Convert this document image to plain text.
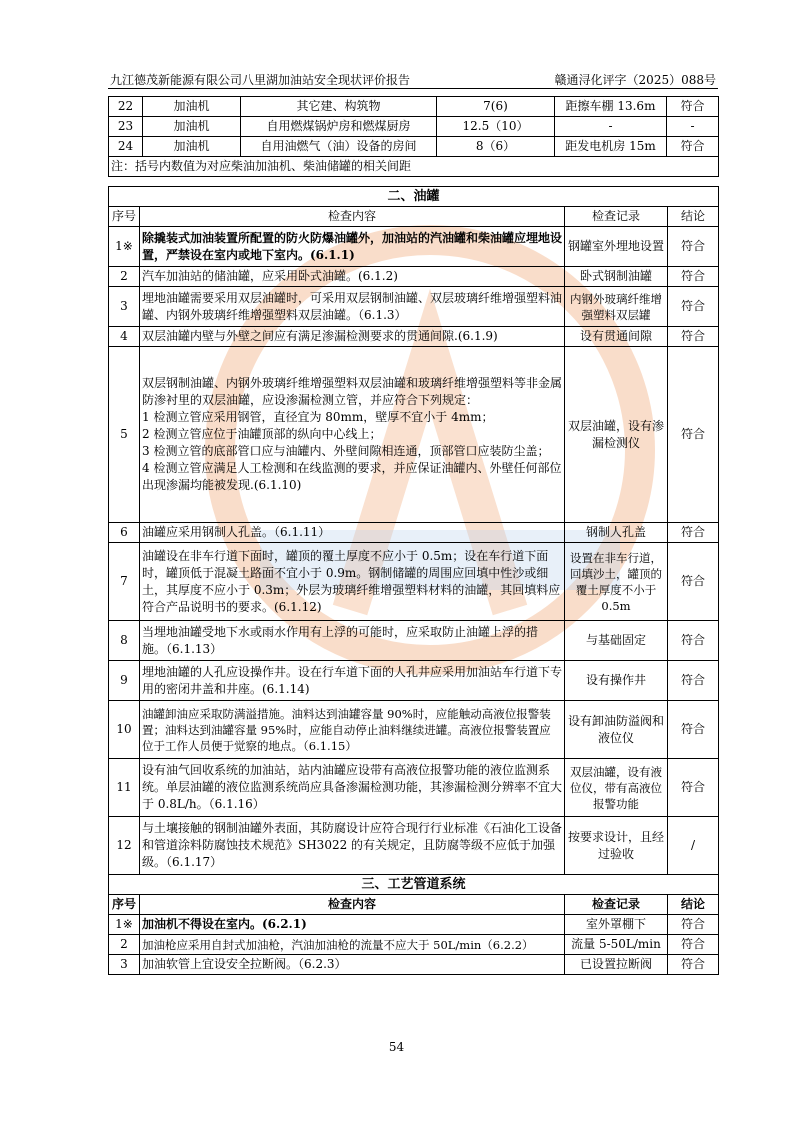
九江德茂新能源有限公司八里湖加油站安全现状评价报告	赣通浔化评字（2025）088号
22	加油机	其它建、构筑物	7(6)	距擦车棚 13.6m	符合
23	加油机	自用燃煤锅炉房和燃煤厨房	12.5（10）	-	-
24	加油机	自用油燃气（油）设备的房间	8（6）	距发电机房 15m	符合
注：括号内数值为对应柴油加油机、柴油储罐的相关间距					
二、油罐			
序号	检查内容	检查记录	结论
1※	除撬装式加油装置所配置的防火防爆油罐外，加油站的汽油罐和柴油罐应埋地设置，严禁设在室内或地下室内。(6.1.1)	钢罐室外埋地设置	符合
2	汽车加油站的储油罐，应采用卧式油罐。(6.1.2)	卧式钢制油罐	符合
3	埋地油罐需要采用双层油罐时，可采用双层钢制油罐、双层玻璃纤维增强塑料油罐、内钢外玻璃纤维增强塑料双层油罐。（6.1.3）	内钢外玻璃纤维增强塑料双层罐	符合
4	双层油罐内壁与外壁之间应有满足渗漏检测要求的贯通间隙.(6.1.9)	设有贯通间隙	符合
5	双层钢制油罐、内钢外玻璃纤维增强塑料双层油罐和玻璃纤维增强塑料等非金属防渗衬里的双层油罐，应设渗漏检测立管，并应符合下列规定：
1 检测立管应采用钢管，直径宜为 80mm，壁厚不宜小于 4mm；
2 检测立管应位于油罐顶部的纵向中心线上；
3 检测立管的底部管口应与油罐内、外壁间隙相连通，顶部管口应装防尘盖；
4 检测立管应满足人工检测和在线监测的要求，并应保证油罐内、外壁任何部位出现渗漏均能被发现.(6.1.10)	双层油罐，设有渗漏检测仪	符合
6	油罐应采用钢制人孔盖。（6.1.11）	钢制人孔盖	符合
7	油罐设在非车行道下面时，罐顶的覆土厚度不应小于 0.5m；设在车行道下面时，罐顶低于混凝土路面不宜小于 0.9m。钢制储罐的周围应回填中性沙或细土，其厚度不应小于 0.3m；外层为玻璃纤维增强塑料材料的油罐，其回填料应符合产品说明书的要求。(6.1.12)	设置在非车行道，回填沙土，罐顶的覆土厚度不小于 0.5m	符合
8	当埋地油罐受地下水或雨水作用有上浮的可能时，应采取防止油罐上浮的措施。（6.1.13）	与基础固定	符合
9	埋地油罐的人孔应设操作井。设在行车道下面的人孔井应采用加油站车行道下专用的密闭井盖和井座。(6.1.14)	设有操作井	符合
10	油罐卸油应采取防满溢措施。油料达到油罐容量 90%时，应能触动高液位报警装置；油料达到油罐容量 95%时，应能自动停止油料继续进罐。高液位报警装置应位于工作人员便于觉察的地点。（6.1.15）	设有卸油防溢阀和液位仪	符合
11	设有油气回收系统的加油站，站内油罐应设带有高液位报警功能的液位监测系统。单层油罐的液位监测系统尚应具备渗漏检测功能，其渗漏检测分辨率不宜大于 0.8L/h。（6.1.16）	双层油罐，设有液位仪，带有高液位报警功能	符合
12	与土壤接触的钢制油罐外表面，其防腐设计应符合现行行业标准《石油化工设备和管道涂料防腐蚀技术规范》SH3022 的有关规定，且防腐等级不应低于加强级。（6.1.17）	按要求设计，且经过验收	/
三、工艺管道系统			
序号	检查内容	检查记录	结论
1※	加油机不得设在室内。(6.2.1)	室外罩棚下	符合
2	加油枪应采用自封式加油枪，汽油加油枪的流量不应大于 50L/min（6.2.2）	流量 5-50L/min	符合
3	加油软管上宜设安全拉断阀。（6.2.3）	已设置拉断阀	符合
54
